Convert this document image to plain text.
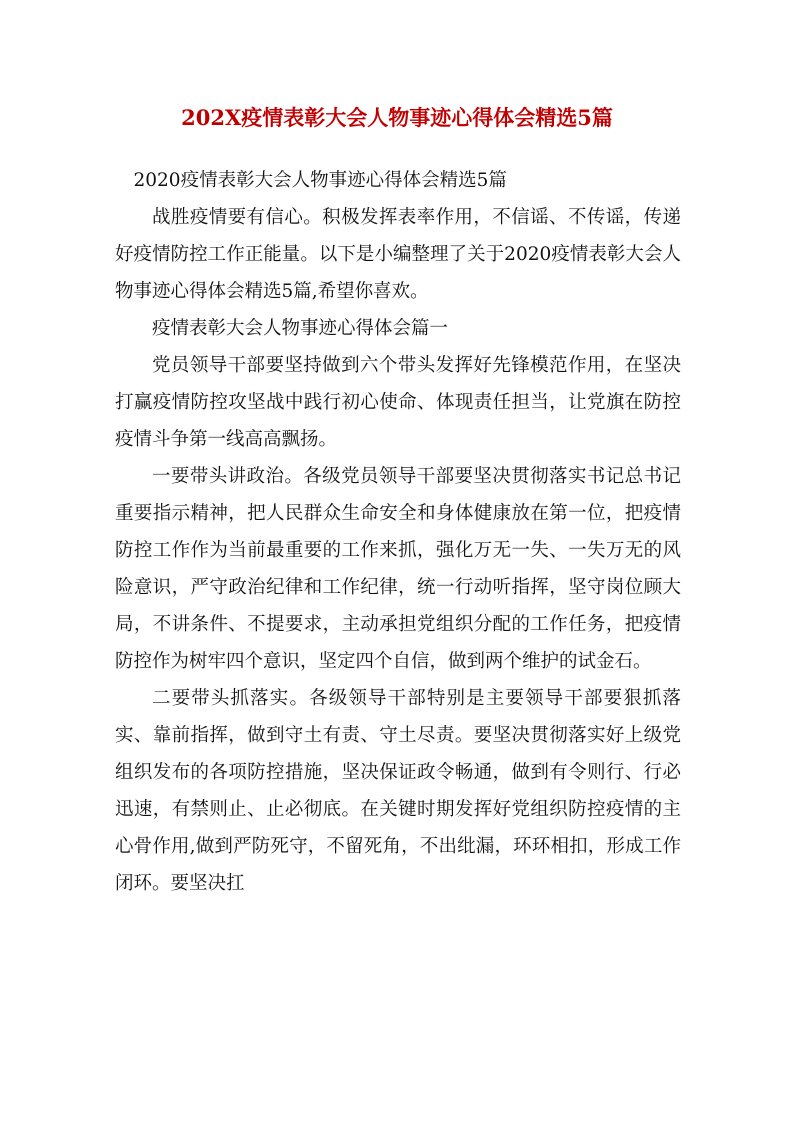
202X疫情表彰大会人物事迹心得体会精选5篇

2020疫情表彰大会人物事迹心得体会精选5篇

战胜疫情要有信心。积极发挥表率作用，不信谣、不传谣，传递好疫情防控工作正能量。以下是小编整理了关于2020疫情表彰大会人物事迹心得体会精选5篇,希望你喜欢。

疫情表彰大会人物事迹心得体会篇一

党员领导干部要坚持做到六个带头发挥好先锋模范作用，在坚决打赢疫情防控攻坚战中践行初心使命、体现责任担当，让党旗在防控疫情斗争第一线高高飘扬。

一要带头讲政治。各级党员领导干部要坚决贯彻落实书记总书记重要指示精神，把人民群众生命安全和身体健康放在第一位，把疫情防控工作作为当前最重要的工作来抓，强化万无一失、一失万无的风险意识，严守政治纪律和工作纪律，统一行动听指挥，坚守岗位顾大局，不讲条件、不提要求，主动承担党组织分配的工作任务，把疫情防控作为树牢四个意识，坚定四个自信，做到两个维护的试金石。

二要带头抓落实。各级领导干部特别是主要领导干部要狠抓落实、靠前指挥，做到守土有责、守土尽责。要坚决贯彻落实好上级党组织发布的各项防控措施，坚决保证政令畅通，做到有令则行、行必迅速，有禁则止、止必彻底。在关键时期发挥好党组织防控疫情的主心骨作用,做到严防死守，不留死角，不出纰漏，环环相扣，形成工作闭环。要坚决扛
